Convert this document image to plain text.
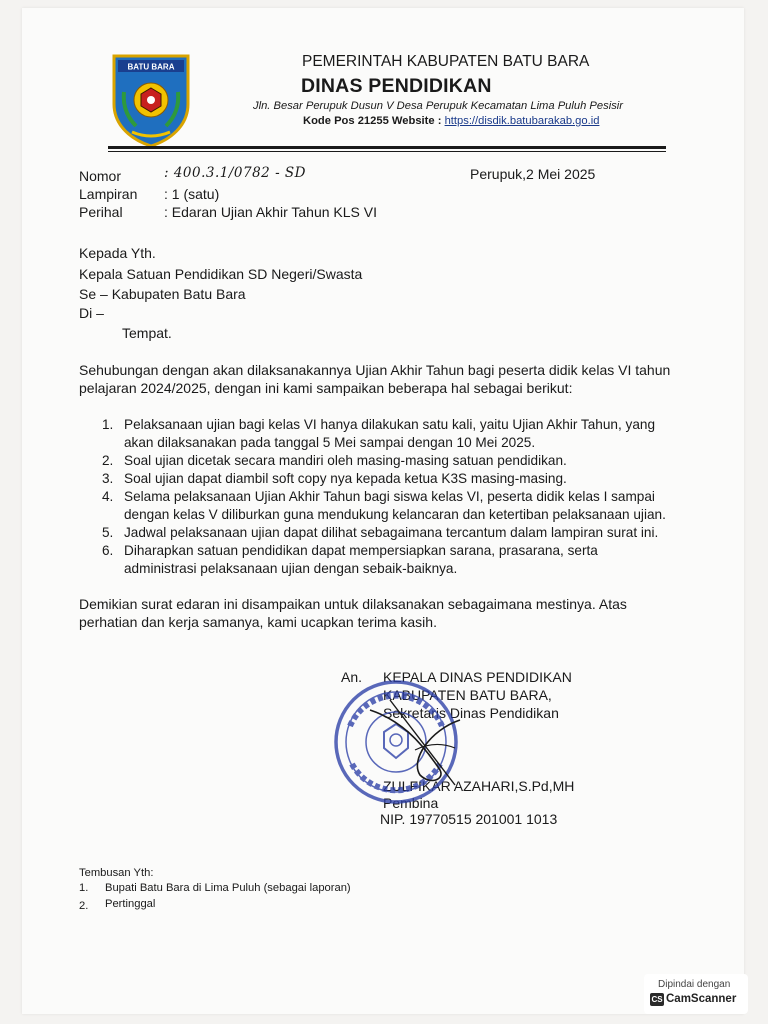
BATU BARA	PEMERINTAH KABUPATEN BATU BARA
DINAS PENDIDIKAN
Jln. Besar Perupuk Dusun V Desa Perupuk Kecamatan Lima Puluh Pesisir
Kode Pos 21255 Website : https://disdik.batubarakab.go.id
Nomor	: 400.3.1/0782 - SD	Perupuk,2 Mei 2025
Lampiran : 1 (satu)
Perihal	: Edaran Ujian Akhir Tahun KLS VI
Kepada Yth.
Kepala Satuan Pendidikan SD Negeri/Swasta
Se – Kabupaten Batu Bara
Di –
Tempat.
Sehubungan dengan akan dilaksanakannya Ujian Akhir Tahun bagi peserta didik kelas VI tahun
pelajaran 2024/2025, dengan ini kami sampaikan beberapa hal sebagai berikut:
1. Pelaksanaan ujian bagi kelas VI hanya dilakukan satu kali, yaitu Ujian Akhir Tahun, yang
akan dilaksanakan pada tanggal 5 Mei sampai dengan 10 Mei 2025.
2. Soal ujian dicetak secara mandiri oleh masing-masing satuan pendidikan.
3. Soal ujian dapat diambil soft copy nya kepada ketua K3S masing-masing.
4. Selama pelaksanaan Ujian Akhir Tahun bagi siswa kelas VI, peserta didik kelas I sampai
dengan kelas V diliburkan guna mendukung kelancaran dan ketertiban pelaksanaan ujian.
5. Jadwal pelaksanaan ujian dapat dilihat sebagaimana tercantum dalam lampiran surat ini.
6. Diharapkan satuan pendidikan dapat mempersiapkan sarana, prasarana, serta
administrasi pelaksanaan ujian dengan sebaik-baiknya.
Demikian surat edaran ini disampaikan untuk dilaksanakan sebagaimana mestinya. Atas
perhatian dan kerja samanya, kami ucapkan terima kasih.
An. KEPALA DINAS PENDIDIKAN
KABUPATEN BATU BARA,
Sekretaris Dinas Pendidikan
ZULFIKAR AZAHARI,S.Pd,MH
Pembina
NIP. 19770515 201001 1013
Tembusan Yth:
1. Bupati Batu Bara di Lima Puluh (sebagai laporan)
2. Pertinggal
Dipindai dengan
CS CamScanner
